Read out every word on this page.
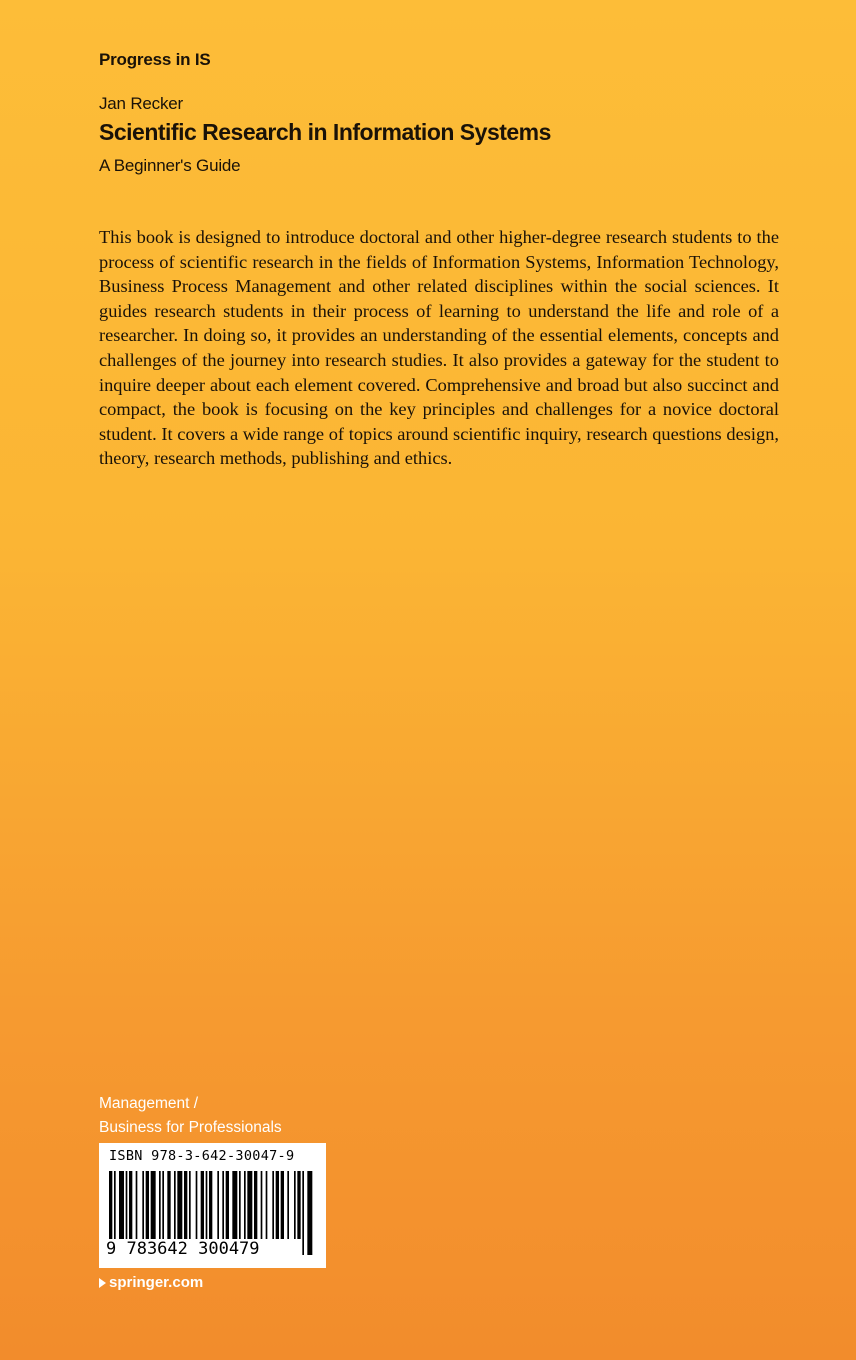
Progress in IS
Jan Recker
Scientific Research in Information Systems
A Beginner's Guide

This book is designed to introduce doctoral and other higher-degree research students to the process of scientific research in the fields of Information Systems, Information Technology, Business Process Management and other related disciplines within the social sciences. It guides research students in their process of learning to understand the life and role of a researcher. In doing so, it provides an understanding of the essential elements, concepts and challenges of the journey into research studies. It also provides a gateway for the student to inquire deeper about each element covered. Comprehensive and broad but also succinct and compact, the book is focusing on the key principles and challenges for a novice doctoral student. It covers a wide range of topics around scientific inquiry, research questions design, theory, research methods, publishing and ethics.

Management /
Business for Professionals
ISBN 978-3-642-30047-9
9 783642 300479
springer.com
